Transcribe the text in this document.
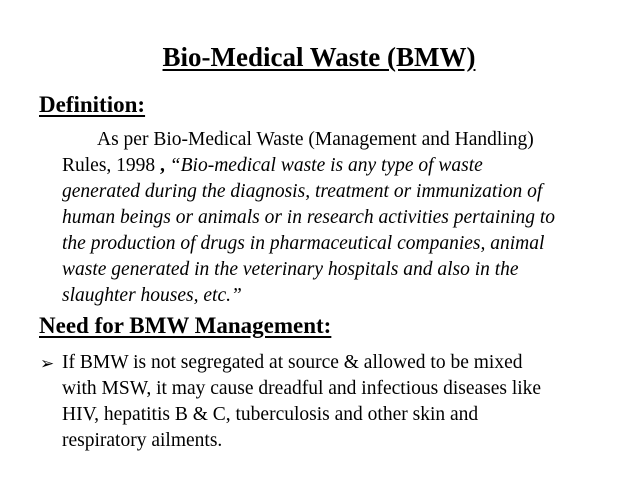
Bio-Medical Waste (BMW)
Definition:
As per Bio-Medical Waste (Management and Handling)
Rules, 1998 , “Bio-medical waste is any type of waste
generated during the diagnosis, treatment or immunization of
human beings or animals or in research activities pertaining to
the production of drugs in pharmaceutical companies, animal
waste generated in the veterinary hospitals and also in the
slaughter houses, etc.”
Need for BMW Management:
➢ If BMW is not segregated at source & allowed to be mixed
with MSW, it may cause dreadful and infectious diseases like
HIV, hepatitis B & C, tuberculosis and other skin and
respiratory ailments.
